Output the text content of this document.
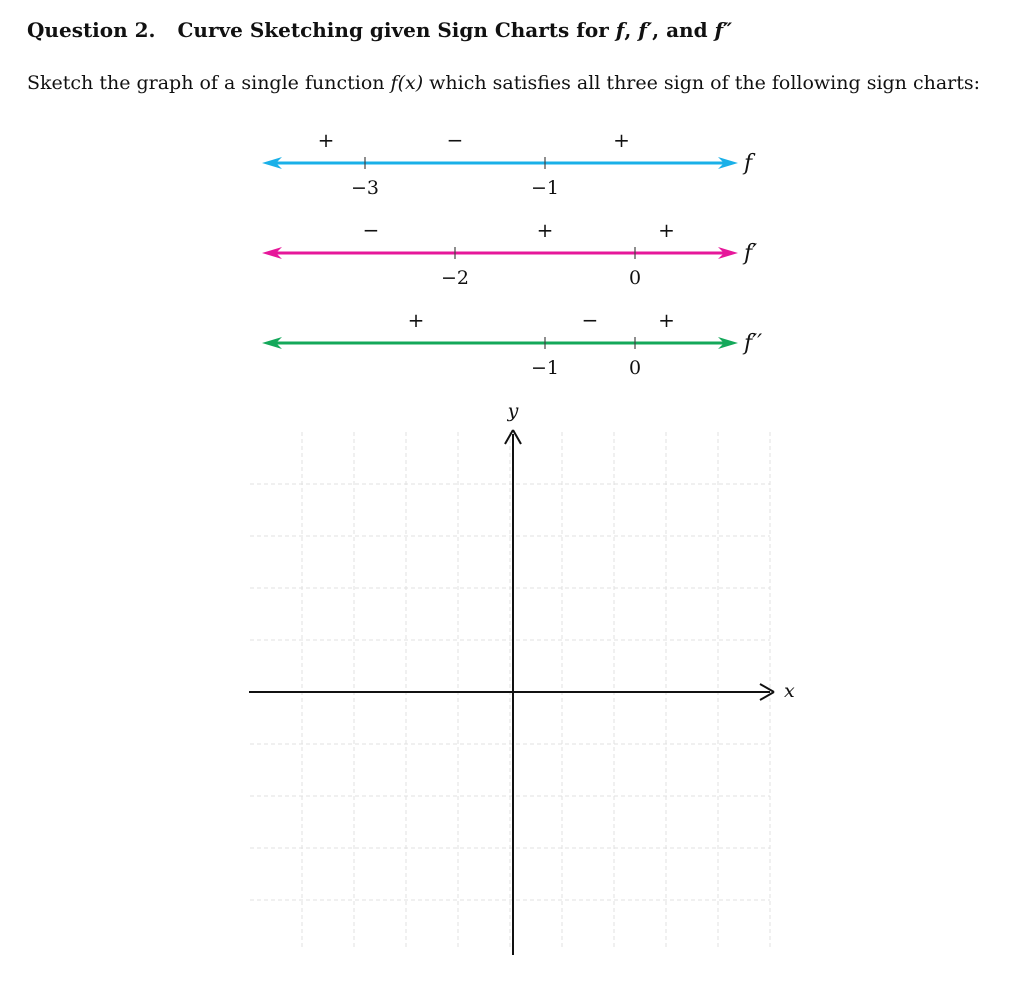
Question 2. Curve Sketching given Sign Charts for f, f′, and f″
Sketch the graph of a single function f(x) which satisfies all three sign of the following sign charts:
−3	−1
+	−	+
f
−2	0
−	+	+
f′
−1	0
+	−	+
f′′
x
y
